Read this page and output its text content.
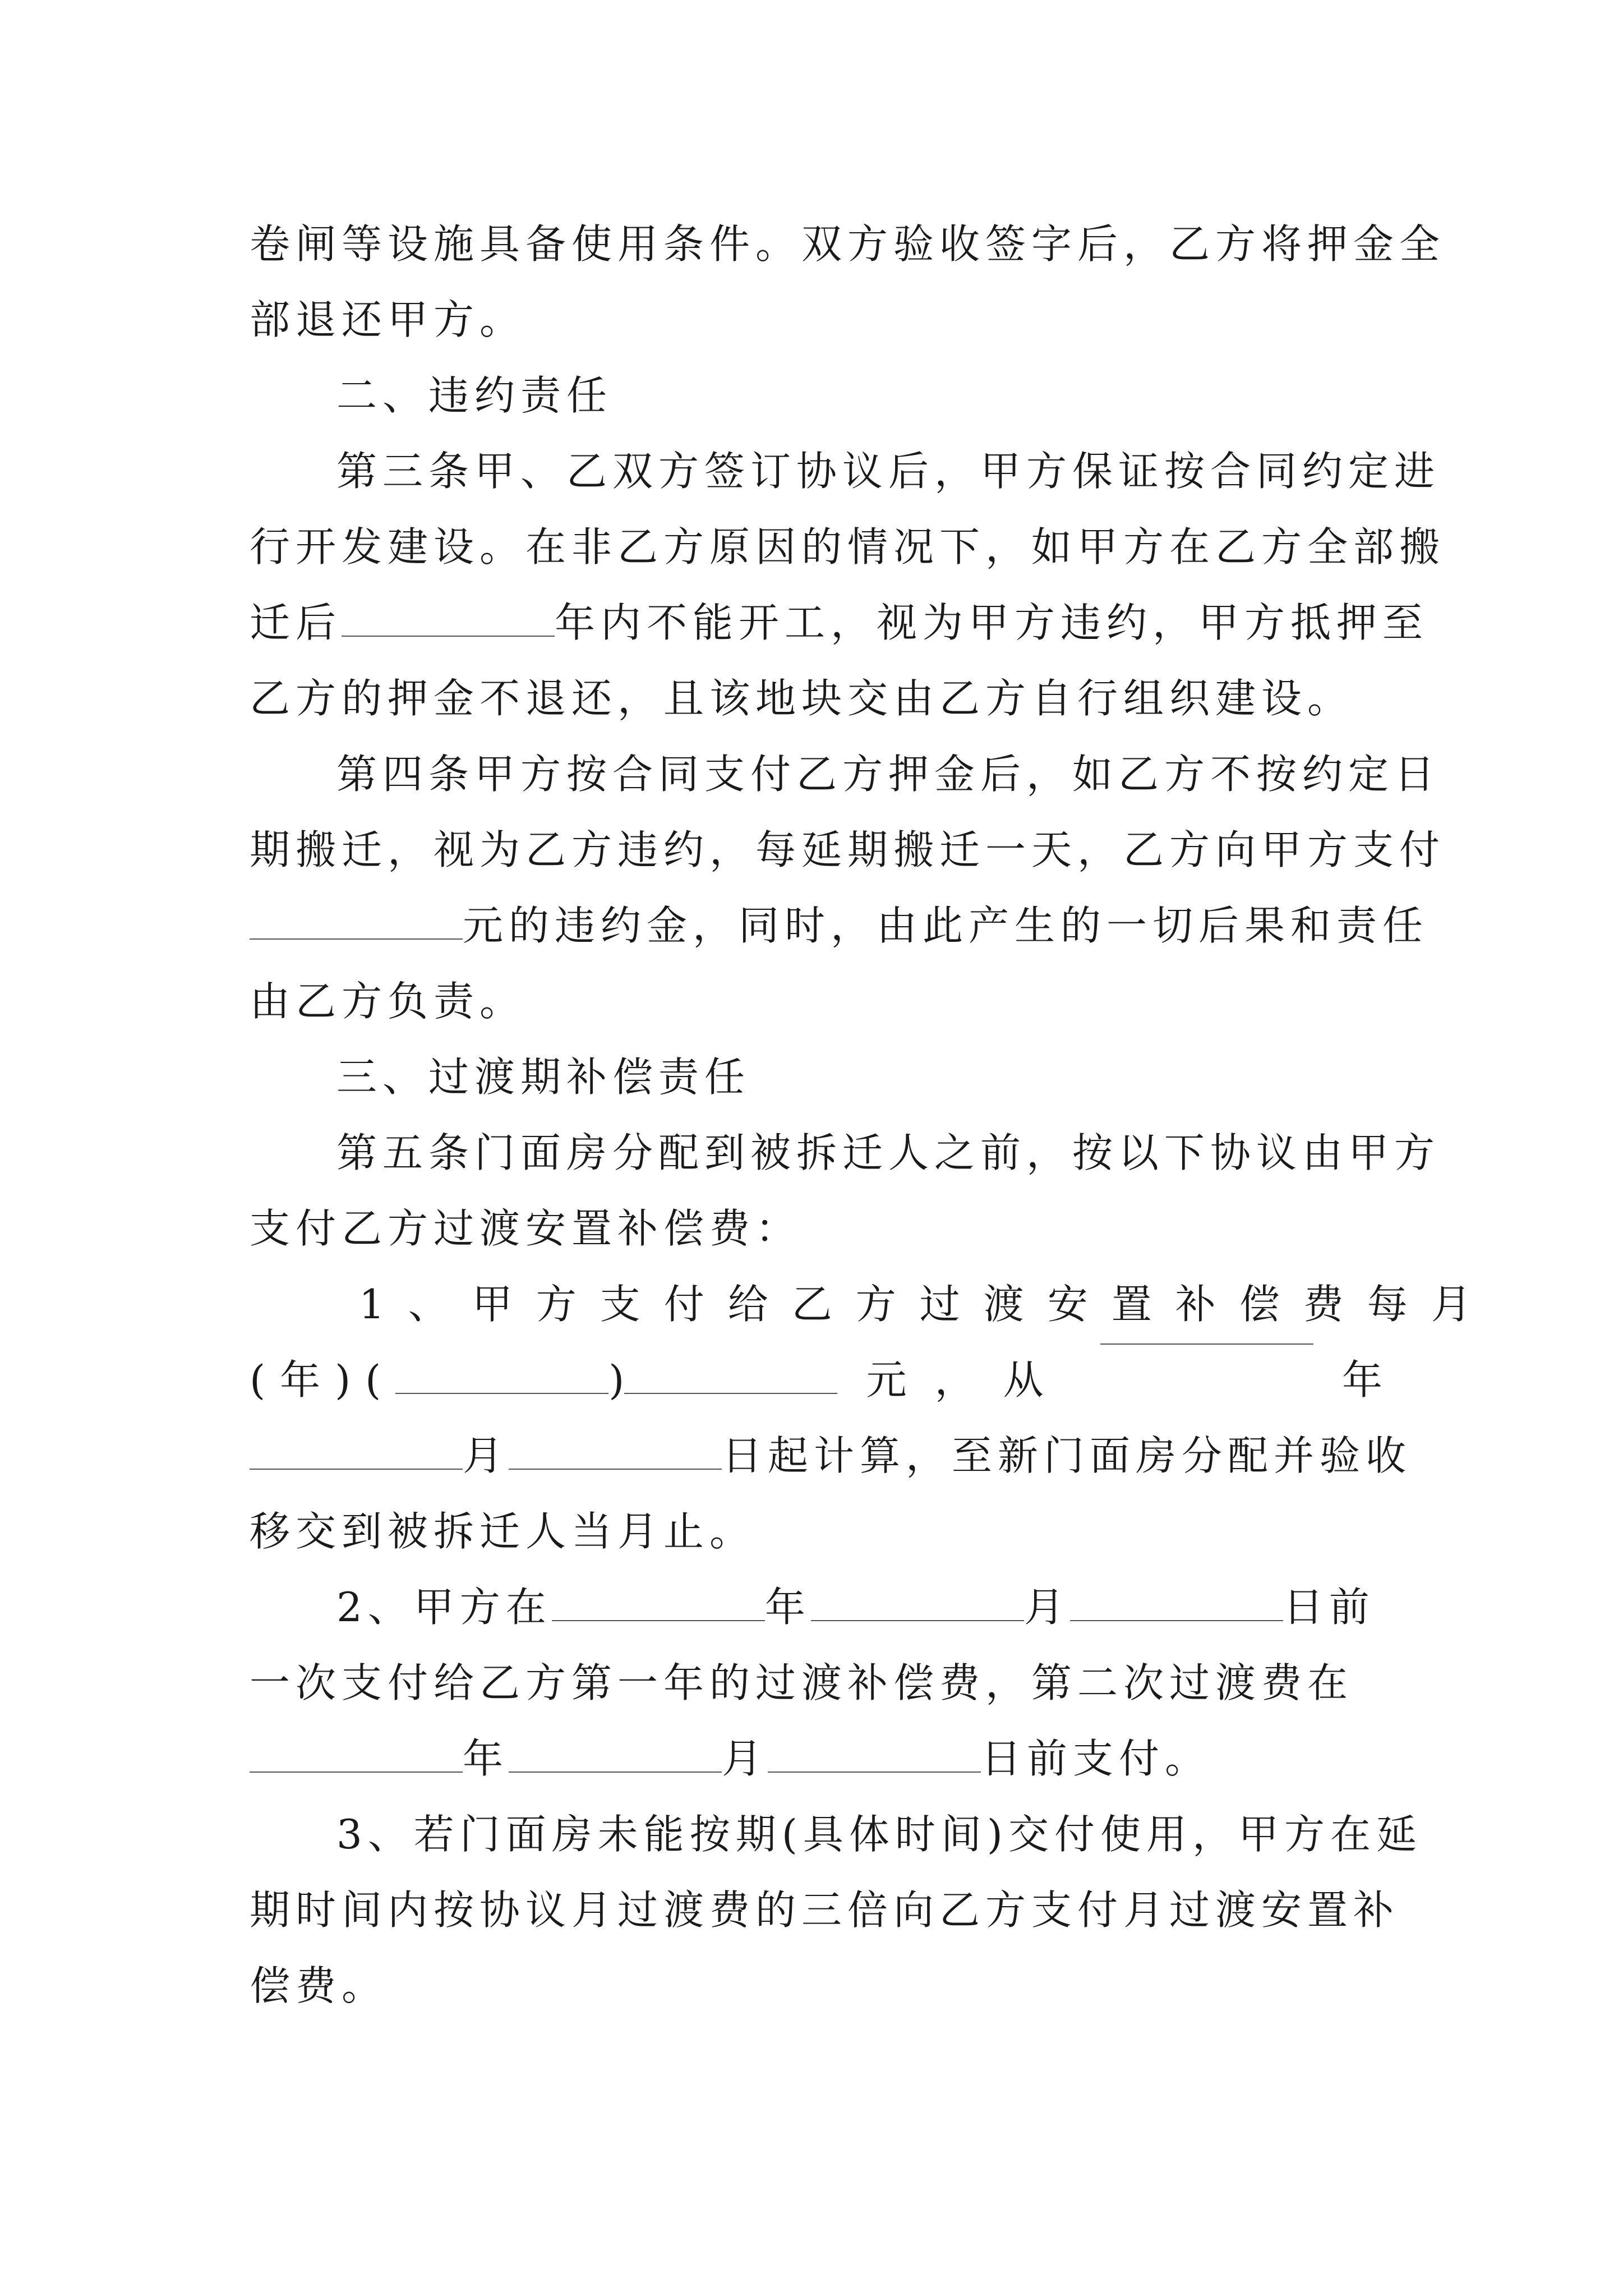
卷闸等设施具备使用条件。双方验收签字后，乙方将押金全
部退还甲方。
二、违约责任
第三条甲、乙双方签订协议后，甲方保证按合同约定进
行开发建设。在非乙方原因的情况下，如甲方在乙方全部搬
迁后	年内不能开工，视为甲方违约，甲方抵押至
乙方的押金不退还，且该地块交由乙方自行组织建设。
第四条甲方按合同支付乙方押金后，如乙方不按约定日
期搬迁，视为乙方违约，每延期搬迁一天，乙方向甲方支付
元的违约金，同时，由此产生的一切后果和责任
由乙方负责。
三、过渡期补偿责任
第五条门面房分配到被拆迁人之前，按以下协议由甲方
支付乙方过渡安置补偿费：
1、甲方支付给乙方过渡安置补偿费每月
(年)(	)	元，从	年
月	日起计算，至新门面房分配并验收
移交到被拆迁人当月止。
2、甲方在	年	月	日前
一次支付给乙方第一年的过渡补偿费，第二次过渡费在
年	月	日前支付。
3、若门面房未能按期(具体时间)交付使用，甲方在延
期时间内按协议月过渡费的三倍向乙方支付月过渡安置补
偿费。
